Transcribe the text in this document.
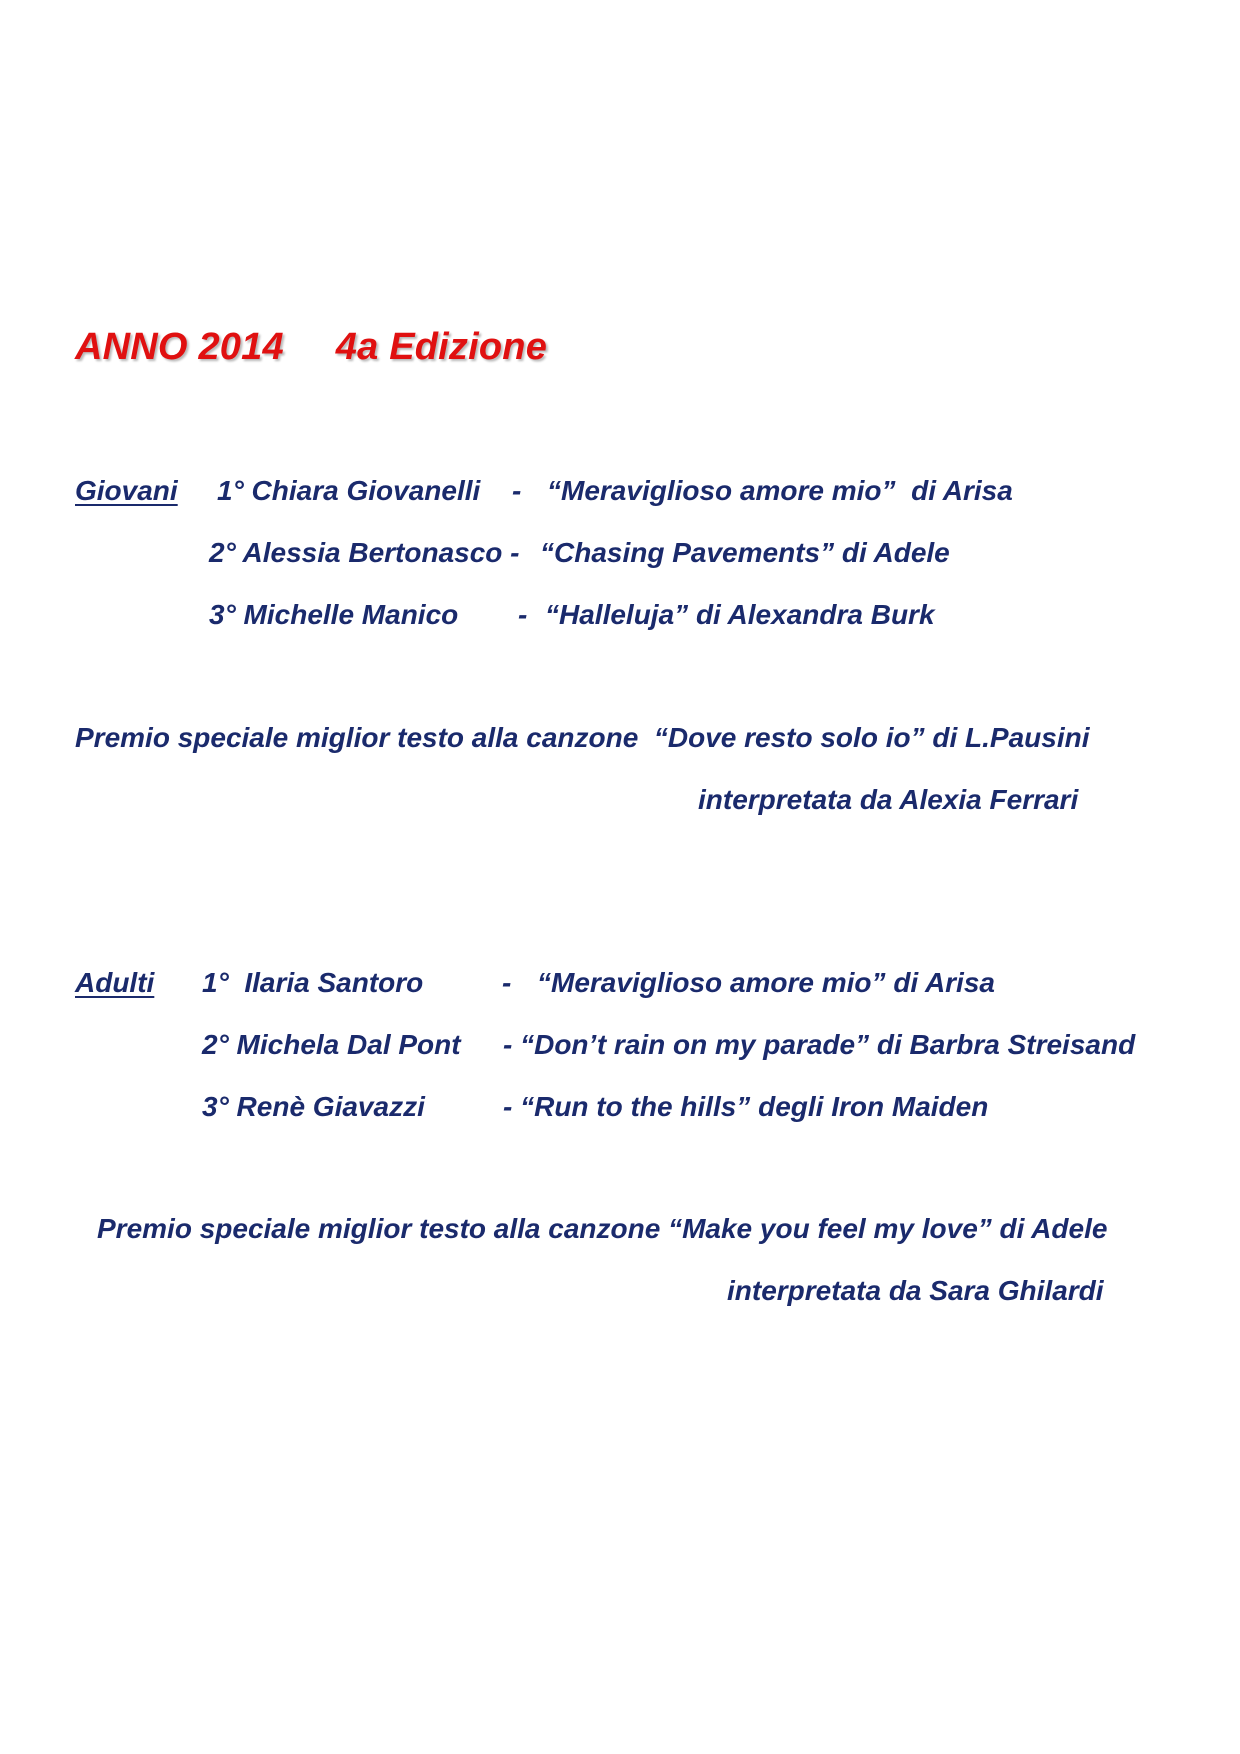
ANNO 2014 4a Edizione
Giovani 1° Chiara Giovanelli - “Meraviglioso amore mio”  di Arisa
2° Alessia Bertonasco - “Chasing Pavements” di Adele
3° Michelle Manico - “Halleluja” di Alexandra Burk
Premio speciale miglior testo alla canzone  “Dove resto solo io” di L.Pausini
interpretata da Alexia Ferrari
Adulti 1°  Ilaria Santoro	- “Meraviglioso amore mio” di Arisa
2° Michela Dal Pont - “Don’t rain on my parade” di Barbra Streisand
3° Renè Giavazzi	- “Run to the hills” degli Iron Maiden
Premio speciale miglior testo alla canzone “Make you feel my love” di Adele
interpretata da Sara Ghilardi
